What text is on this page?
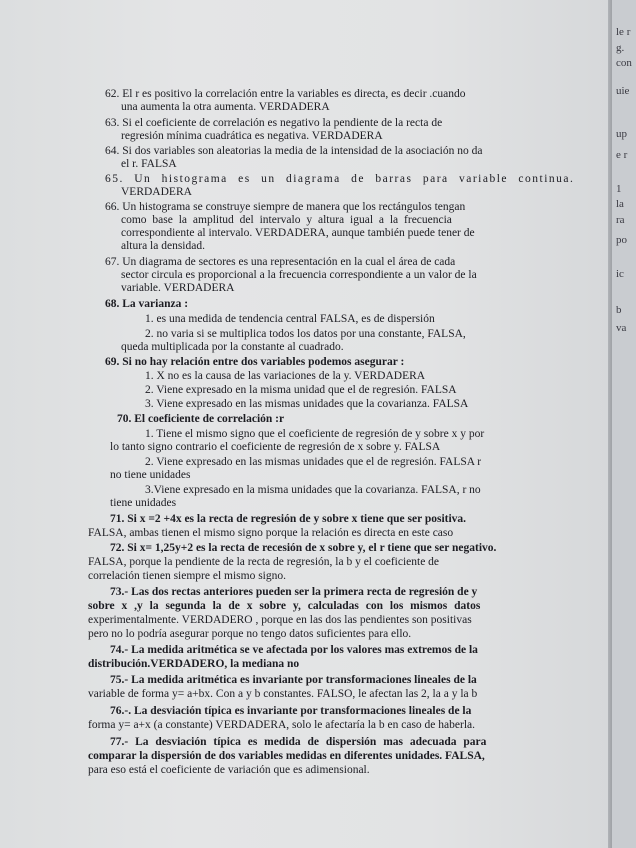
62. El r es positivo la correlación entre la variables es directa, es decir .cuando
una aumenta la otra aumenta. VERDADERA
63. Si el coeficiente de correlación es negativo la pendiente de la recta de
regresión mínima cuadrática es negativa. VERDADERA
64. Si dos variables son aleatorias la media de la intensidad de la asociación no da
el r. FALSA
65. Un histograma es un diagrama de barras para variable continua.
VERDADERA
66. Un histograma se construye siempre de manera que los rectángulos tengan
como base la amplitud del intervalo y altura igual a la frecuencia
correspondiente al intervalo. VERDADERA, aunque también puede tener de
altura la densidad.
67. Un diagrama de sectores es una representación en la cual el área de cada
sector circula es proporcional a la frecuencia correspondiente a un valor de la
variable. VERDADERA
68. La varianza :
1. es una medida de tendencia central FALSA, es de dispersión
2. no varia si se multiplica todos los datos por una constante, FALSA,
queda multiplicada por la constante al cuadrado.
69. Si no hay relación entre dos variables podemos asegurar :
1. X no es la causa de las variaciones de la y. VERDADERA
2. Viene expresado en la misma unidad que el de regresión. FALSA
3. Viene expresado en las mismas unidades que la covarianza. FALSA
70. El coeficiente de correlación :r
1. Tiene el mismo signo que el coeficiente de regresión de y sobre x y por
lo tanto signo contrario el coeficiente de regresión de x sobre y. FALSA
2. Viene expresado en las mismas unidades que el de regresión. FALSA r
no tiene unidades
3.Viene expresado en la misma unidades que la covarianza. FALSA, r no
tiene unidades
71. Si x =2 +4x es la recta de regresión de y sobre x tiene que ser positiva.
FALSA, ambas tienen el mismo signo porque la relación es directa en este caso
72. Si x= 1,25y+2 es la recta de recesión de x sobre y, el r tiene que ser negativo.
FALSA, porque la pendiente de la recta de regresión, la b y el coeficiente de
correlación tienen siempre el mismo signo.
73.- Las dos rectas anteriores pueden ser la primera recta de regresión de y
sobre x ,y la segunda la de x sobre y, calculadas con los mismos datos
experimentalmente. VERDADERO , porque en las dos las pendientes son positivas
pero no lo podría asegurar porque no tengo datos suficientes para ello.
74.- La medida aritmética se ve afectada por los valores mas extremos de la
distribución.VERDADERO, la mediana no
75.- La medida aritmética es invariante por transformaciones lineales de la
variable de forma y= a+bx. Con a y b constantes. FALSO, le afectan las 2, la a y la b
76.-. La desviación típica es invariante por transformaciones lineales de la
forma y= a+x (a constante) VERDADERA, solo le afectaría la b en caso de haberla.
77.- La desviación típica es medida de dispersión mas adecuada para
comparar la dispersión de dos variables medidas en diferentes unidades. FALSA,
para eso está el coeficiente de variación que es adimensional.
le r
g.
con
uie
up
e r
1
la
ra
po
ic
b
va
